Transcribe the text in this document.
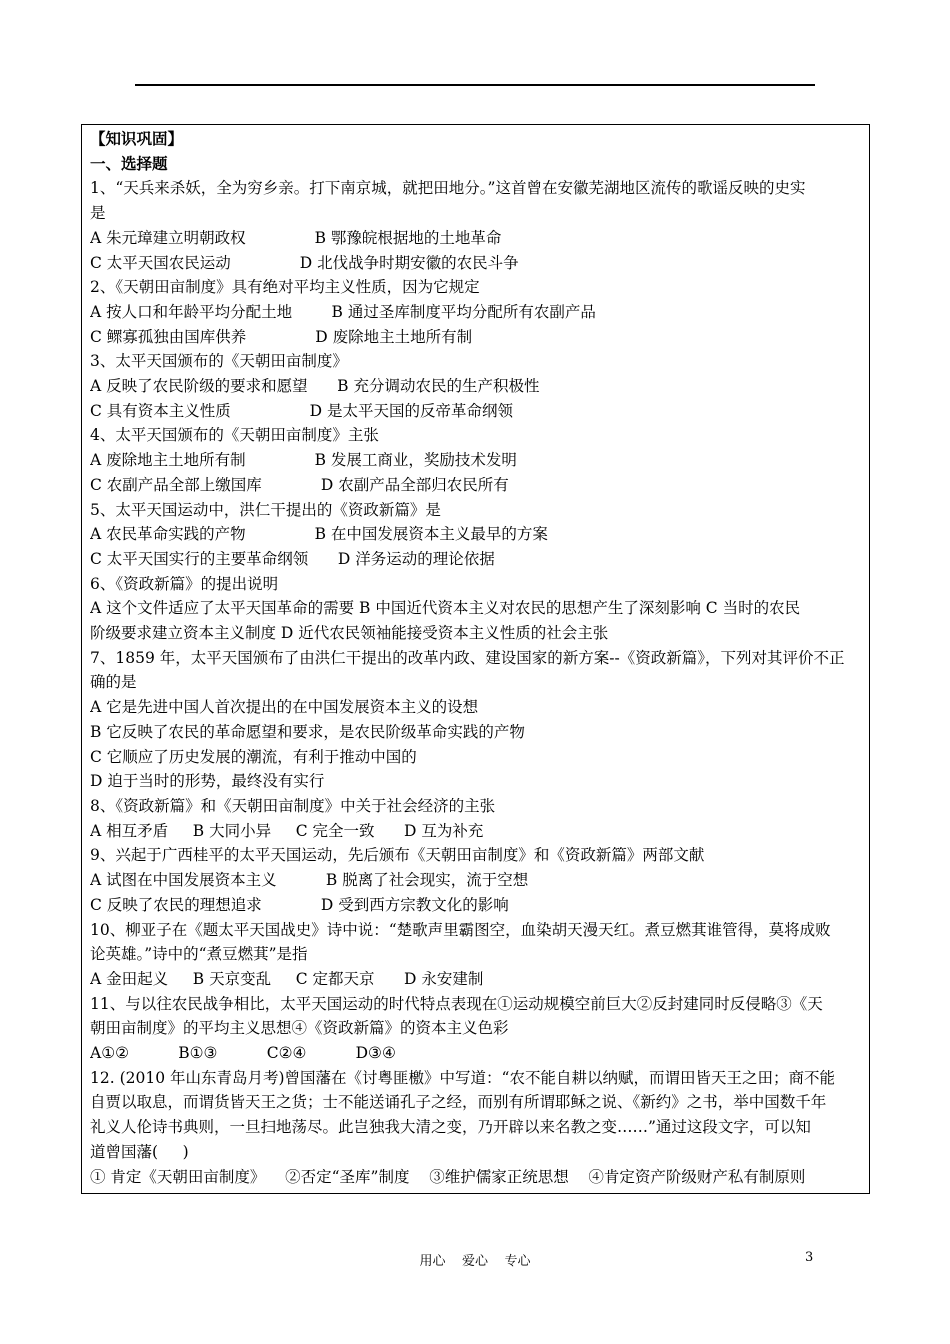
【知识巩固】
一、选择题
1、“天兵来杀妖，全为穷乡亲。打下南京城，就把田地分。”这首曾在安徽芜湖地区流传的歌谣反映的史实
是
A 朱元璋建立明朝政权              B 鄂豫皖根据地的土地革命
C 太平天国农民运动              D 北伐战争时期安徽的农民斗争
2、《天朝田亩制度》具有绝对平均主义性质，因为它规定
A 按人口和年龄平均分配土地        B 通过圣库制度平均分配所有农副产品
C 鳏寡孤独由国库供养              D 废除地主土地所有制
3、太平天国颁布的《天朝田亩制度》
A 反映了农民阶级的要求和愿望      B 充分调动农民的生产积极性
C 具有资本主义性质                D 是太平天国的反帝革命纲领
4、太平天国颁布的《天朝田亩制度》主张
A 废除地主土地所有制              B 发展工商业，奖励技术发明
C 农副产品全部上缴国库            D 农副产品全部归农民所有
5、太平天国运动中，洪仁干提出的《资政新篇》是
A 农民革命实践的产物              B 在中国发展资本主义最早的方案
C 太平天国实行的主要革命纲领      D 洋务运动的理论依据
6、《资政新篇》的提出说明
A 这个文件适应了太平天国革命的需要 B 中国近代资本主义对农民的思想产生了深刻影响 C 当时的农民
阶级要求建立资本主义制度 D 近代农民领袖能接受资本主义性质的社会主张
7、1859 年，太平天国颁布了由洪仁干提出的改革内政、建设国家的新方案--《资政新篇》，下列对其评价不正
确的是
A 它是先进中国人首次提出的在中国发展资本主义的设想
B 它反映了农民的革命愿望和要求，是农民阶级革命实践的产物
C 它顺应了历史发展的潮流，有利于推动中国的
D 迫于当时的形势，最终没有实行
8、《资政新篇》和《天朝田亩制度》中关于社会经济的主张
A 相互矛盾     B 大同小异     C 完全一致      D 互为补充
9、兴起于广西桂平的太平天国运动，先后颁布《天朝田亩制度》和《资政新篇》两部文献
A 试图在中国发展资本主义          B 脱离了社会现实，流于空想
C 反映了农民的理想追求            D 受到西方宗教文化的影响
10、柳亚子在《题太平天国战史》诗中说：“楚歌声里霸图空，血染胡天漫天红。煮豆燃萁谁管得，莫将成败
论英雄。”诗中的“煮豆燃萁”是指
A 金田起义     B 天京变乱     C 定都天京      D 永安建制
11、与以往农民战争相比，太平天国运动的时代特点表现在①运动规模空前巨大②反封建同时反侵略③《天
朝田亩制度》的平均主义思想④《资政新篇》的资本主义色彩
A①②          B①③          C②④          D③④
12. (2010 年山东青岛月考)曾国藩在《讨粤匪檄》中写道：“农不能自耕以纳赋，而谓田皆天王之田；商不能
自贾以取息，而谓货皆天王之货；士不能送诵孔子之经，而别有所谓耶稣之说、《新约》之书，举中国数千年
礼义人伦诗书典则，一旦扫地荡尽。此岂独我大清之变，乃开辟以来名教之变……”通过这段文字，可以知
道曾国藩(     )
① 肯定《天朝田亩制度》    ②否定“圣库”制度    ③维护儒家正统思想    ④肯定资产阶级财产私有制原则
用心    爱心    专心	3
